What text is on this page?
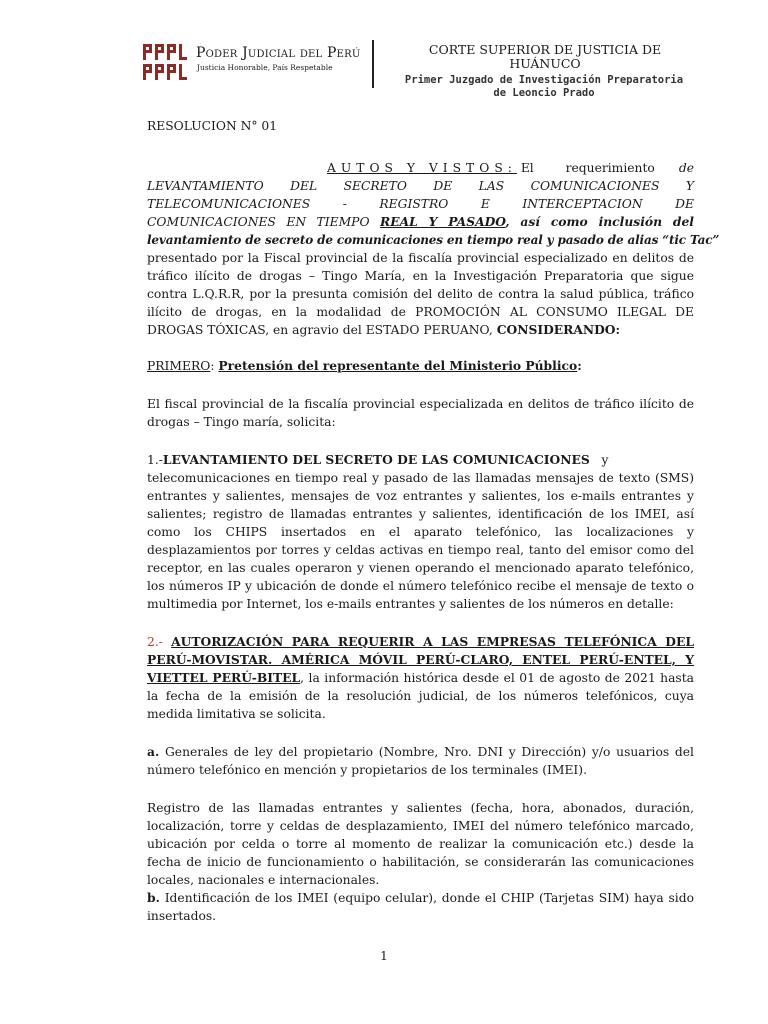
Poder Judicial del Perú
Justicia Honorable, País Respetable
CORTE SUPERIOR DE JUSTICIA DE
HUÁNUCO
Primer Juzgado de Investigación Preparatoria
de Leoncio Prado

RESOLUCION N° 01

AUTOS Y VISTOS: El requerimiento de
LEVANTAMIENTO DEL SECRETO DE LAS COMUNICACIONES Y
TELECOMUNICACIONES - REGISTRO E INTERCEPTACION DE
COMUNICACIONES EN TIEMPO REAL Y PASADO, así como inclusión del
levantamiento de secreto de comunicaciones en tiempo real y pasado de alias “tic Tac”
presentado por la Fiscal provincial de la fiscalía provincial especializado en delitos de tráfico ilícito de drogas – Tingo María, en la Investigación Preparatoria que sigue contra L.Q.R.R, por la presunta comisión del delito de contra la salud pública, tráfico ilícito de drogas, en la modalidad de PROMOCIÓN AL CONSUMO ILEGAL DE DROGAS TÓXICAS, en agravio del ESTADO PERUANO, CONSIDERANDO:

PRIMERO: Pretensión del representante del Ministerio Público:

El fiscal provincial de la fiscalía provincial especializada en delitos de tráfico ilícito de drogas – Tingo maría, solicita:

1.-LEVANTAMIENTO DEL SECRETO DE LAS COMUNICACIONES y
telecomunicaciones en tiempo real y pasado de las llamadas mensajes de texto (SMS) entrantes y salientes, mensajes de voz entrantes y salientes, los e-mails entrantes y salientes; registro de llamadas entrantes y salientes, identificación de los IMEI, así como los CHIPS insertados en el aparato telefónico, las localizaciones y desplazamientos por torres y celdas activas en tiempo real, tanto del emisor como del receptor, en las cuales operaron y vienen operando el mencionado aparato telefónico, los números IP y ubicación de donde el número telefónico recibe el mensaje de texto o multimedia por Internet, los e-mails entrantes y salientes de los números en detalle:

2.- AUTORIZACIÓN PARA REQUERIR A LAS EMPRESAS TELEFÓNICA DEL PERÚ-MOVISTAR. AMÉRICA MÓVIL PERÚ-CLARO, ENTEL PERÚ-ENTEL, Y VIETTEL PERÚ-BITEL, la información histórica desde el 01 de agosto de 2021 hasta la fecha de la emisión de la resolución judicial, de los números telefónicos, cuya medida limitativa se solicita.

a. Generales de ley del propietario (Nombre, Nro. DNI y Dirección) y/o usuarios del número telefónico en mención y propietarios de los terminales (IMEI).

Registro de las llamadas entrantes y salientes (fecha, hora, abonados, duración, localización, torre y celdas de desplazamiento, IMEI del número telefónico marcado, ubicación por celda o torre al momento de realizar la comunicación etc.) desde la fecha de inicio de funcionamiento o habilitación, se considerarán las comunicaciones locales, nacionales e internacionales.

b. Identificación de los IMEI (equipo celular), donde el CHIP (Tarjetas SIM) haya sido insertados.

1
